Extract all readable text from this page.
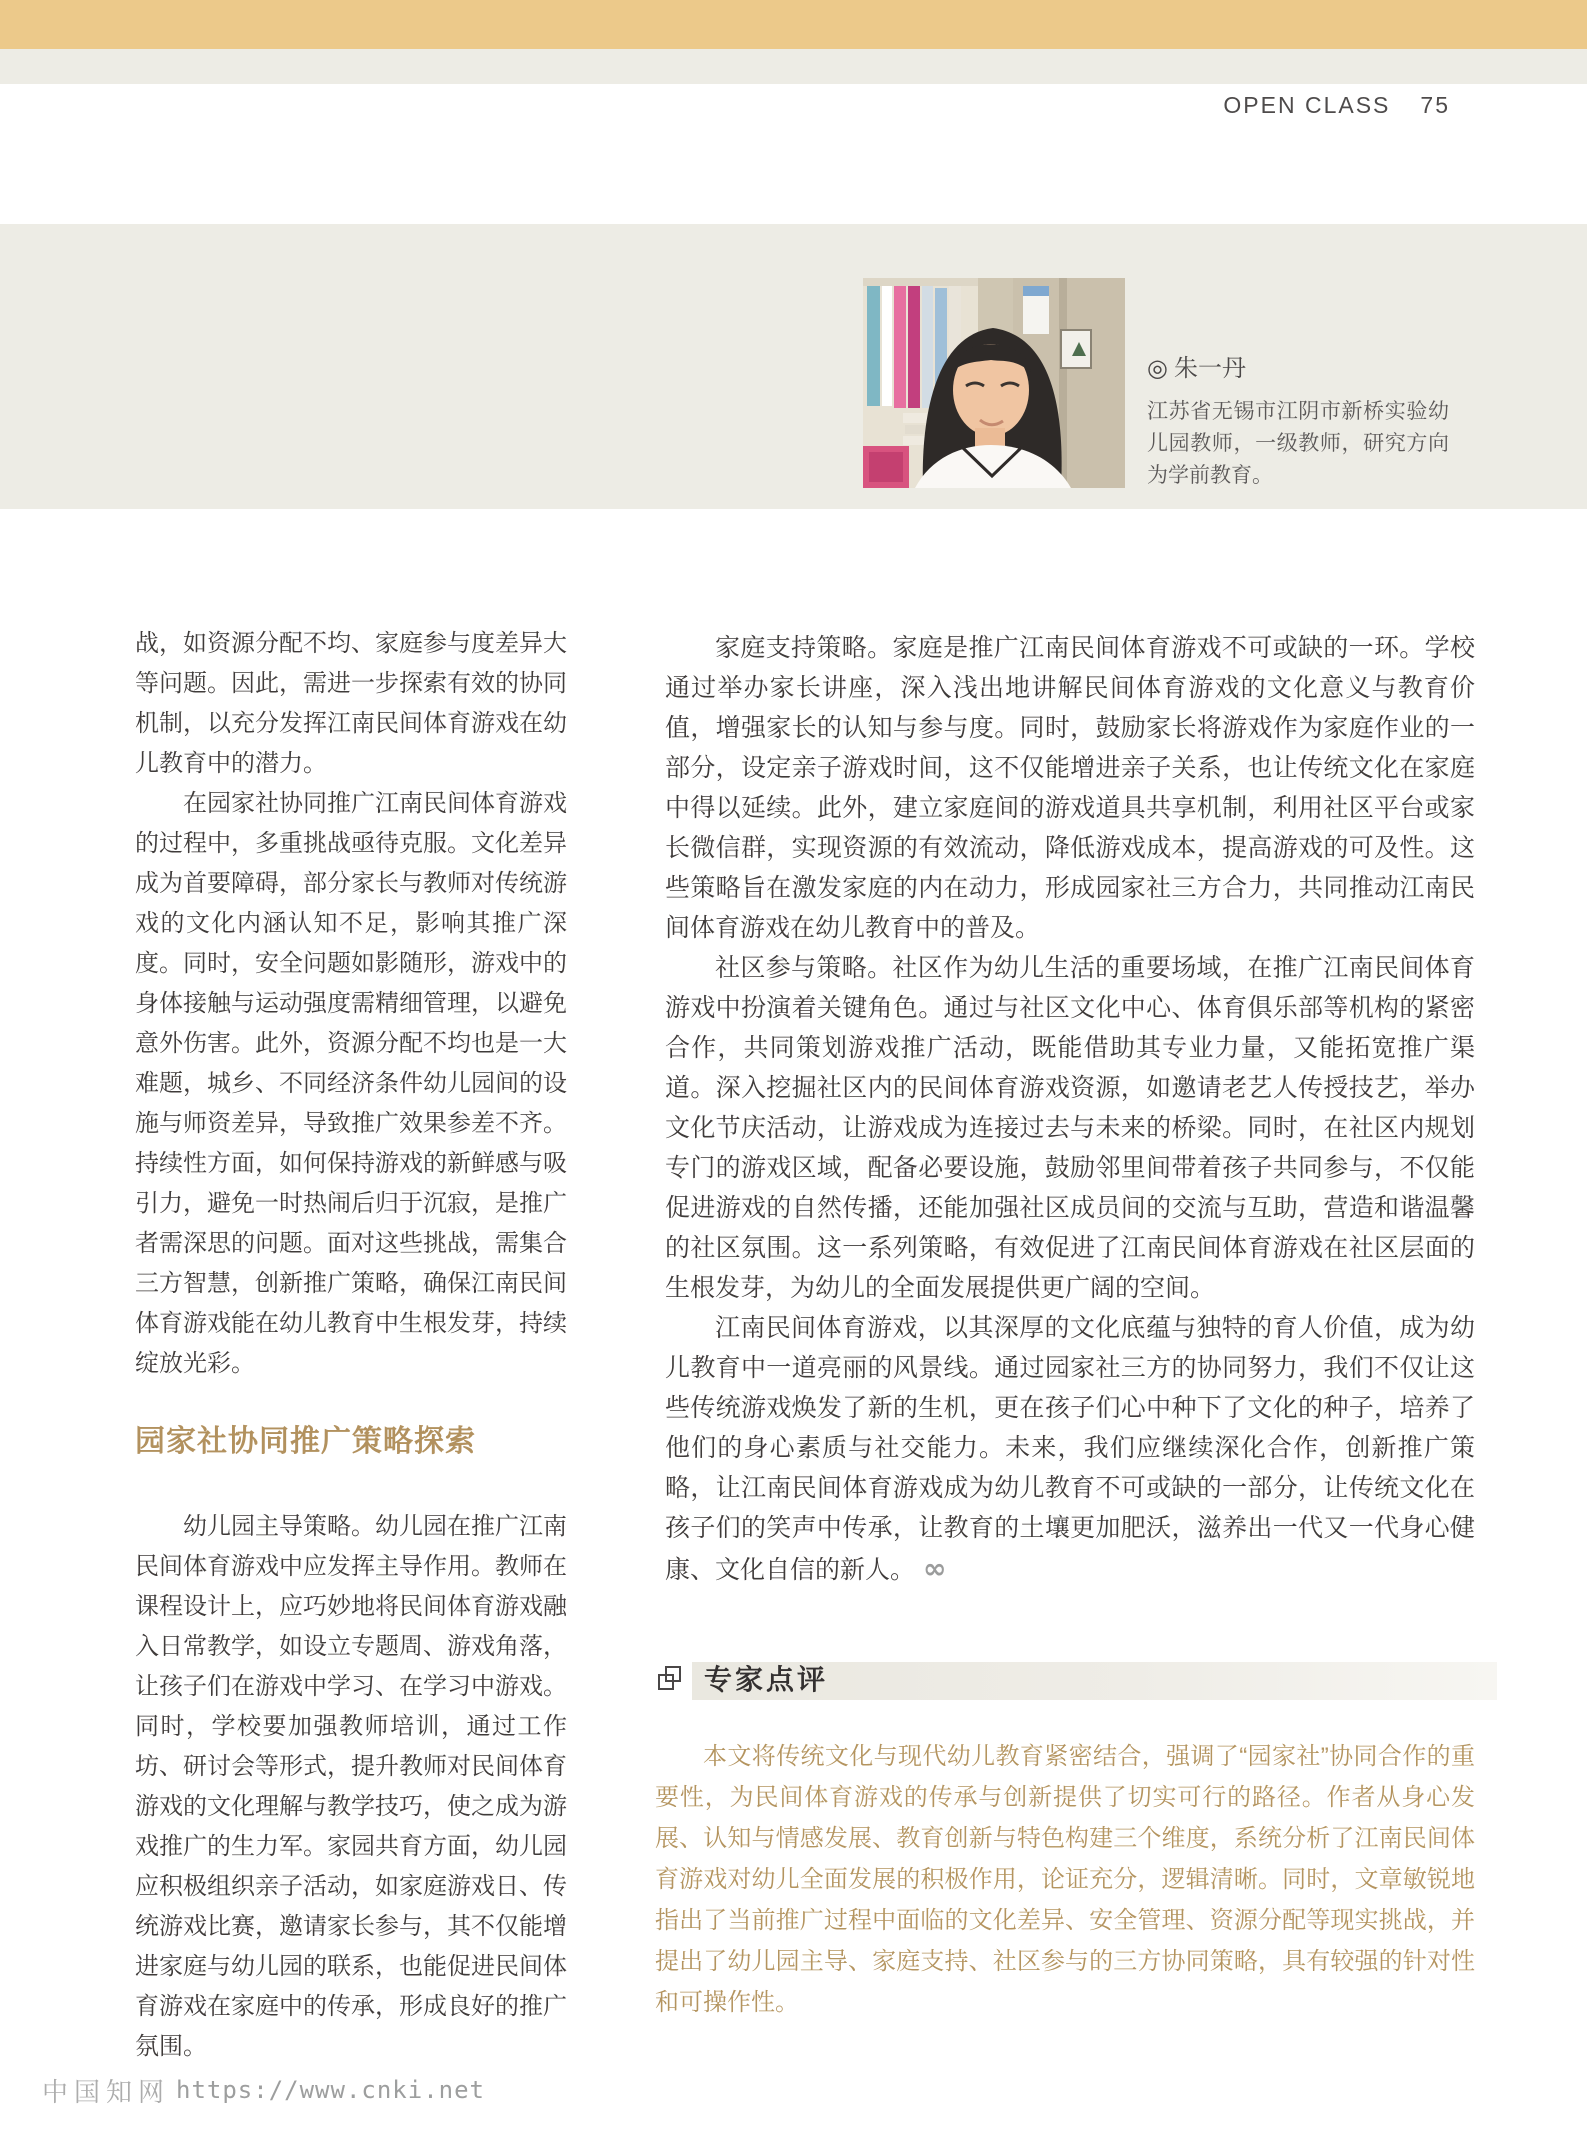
OPEN CLASS 75
◎ 朱一丹
江苏省无锡市江阴市新桥实验幼儿园教师，一级教师，研究方向为学前教育。

战，如资源分配不均、家庭参与度差异大等问题。因此，需进一步探索有效的协同机制，以充分发挥江南民间体育游戏在幼儿教育中的潜力。

在园家社协同推广江南民间体育游戏的过程中，多重挑战亟待克服。文化差异成为首要障碍，部分家长与教师对传统游戏的文化内涵认知不足，影响其推广深度。同时，安全问题如影随形，游戏中的身体接触与运动强度需精细管理，以避免意外伤害。此外，资源分配不均也是一大难题，城乡、不同经济条件幼儿园间的设施与师资差异，导致推广效果参差不齐。持续性方面，如何保持游戏的新鲜感与吸引力，避免一时热闹后归于沉寂，是推广者需深思的问题。面对这些挑战，需集合三方智慧，创新推广策略，确保江南民间体育游戏能在幼儿教育中生根发芽，持续绽放光彩。

园家社协同推广策略探索

幼儿园主导策略。幼儿园在推广江南民间体育游戏中应发挥主导作用。教师在课程设计上，应巧妙地将民间体育游戏融入日常教学，如设立专题周、游戏角落，让孩子们在游戏中学习、在学习中游戏。同时，学校要加强教师培训，通过工作坊、研讨会等形式，提升教师对民间体育游戏的文化理解与教学技巧，使之成为游戏推广的生力军。家园共育方面，幼儿园应积极组织亲子活动，如家庭游戏日、传统游戏比赛，邀请家长参与，其不仅能增进家庭与幼儿园的联系，也能促进民间体育游戏在家庭中的传承，形成良好的推广氛围。

家庭支持策略。家庭是推广江南民间体育游戏不可或缺的一环。学校通过举办家长讲座，深入浅出地讲解民间体育游戏的文化意义与教育价值，增强家长的认知与参与度。同时，鼓励家长将游戏作为家庭作业的一部分，设定亲子游戏时间，这不仅能增进亲子关系，也让传统文化在家庭中得以延续。此外，建立家庭间的游戏道具共享机制，利用社区平台或家长微信群，实现资源的有效流动，降低游戏成本，提高游戏的可及性。这些策略旨在激发家庭的内在动力，形成园家社三方合力，共同推动江南民间体育游戏在幼儿教育中的普及。

社区参与策略。社区作为幼儿生活的重要场域，在推广江南民间体育游戏中扮演着关键角色。通过与社区文化中心、体育俱乐部等机构的紧密合作，共同策划游戏推广活动，既能借助其专业力量，又能拓宽推广渠道。深入挖掘社区内的民间体育游戏资源，如邀请老艺人传授技艺，举办文化节庆活动，让游戏成为连接过去与未来的桥梁。同时，在社区内规划专门的游戏区域，配备必要设施，鼓励邻里间带着孩子共同参与，不仅能促进游戏的自然传播，还能加强社区成员间的交流与互助，营造和谐温馨的社区氛围。这一系列策略，有效促进了江南民间体育游戏在社区层面的生根发芽，为幼儿的全面发展提供更广阔的空间。

江南民间体育游戏，以其深厚的文化底蕴与独特的育人价值，成为幼儿教育中一道亮丽的风景线。通过园家社三方的协同努力，我们不仅让这些传统游戏焕发了新的生机，更在孩子们心中种下了文化的种子，培养了他们的身心素质与社交能力。未来，我们应继续深化合作，创新推广策略，让江南民间体育游戏成为幼儿教育不可或缺的一部分，让传统文化在孩子们的笑声中传承，让教育的土壤更加肥沃，滋养出一代又一代身心健康、文化自信的新人。 ∞

专家点评
本文将传统文化与现代幼儿教育紧密结合，强调了“园家社”协同合作的重要性，为民间体育游戏的传承与创新提供了切实可行的路径。作者从身心发展、认知与情感发展、教育创新与特色构建三个维度，系统分析了江南民间体育游戏对幼儿全面发展的积极作用，论证充分，逻辑清晰。同时，文章敏锐地指出了当前推广过程中面临的文化差异、安全管理、资源分配等现实挑战，并提出了幼儿园主导、家庭支持、社区参与的三方协同策略，具有较强的针对性和可操作性。
中国知网 https://www.cnki.net
